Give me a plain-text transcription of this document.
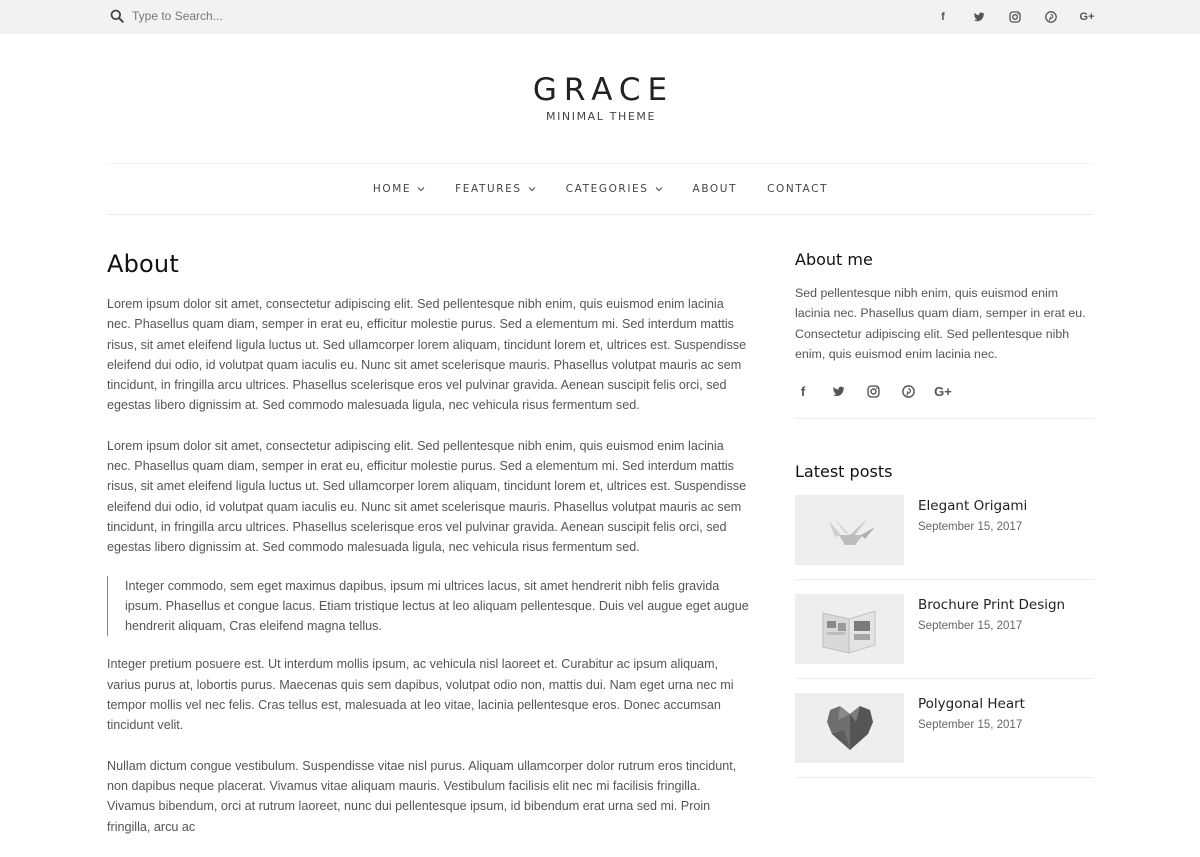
Type to Search...
f	G+
GRACE
MINIMAL THEME
HOME	FEATURES	CATEGORIES	ABOUT	CONTACT
About

Lorem ipsum dolor sit amet, consectetur adipiscing elit. Sed pellentesque nibh enim, quis euismod enim lacinia nec. Phasellus quam diam, semper in erat eu, efficitur molestie purus. Sed a elementum mi. Sed interdum mattis risus, sit amet eleifend ligula luctus ut. Sed ullamcorper lorem aliquam, tincidunt lorem et, ultrices est. Suspendisse eleifend dui odio, id volutpat quam iaculis eu. Nunc sit amet scelerisque mauris. Phasellus volutpat mauris ac sem tincidunt, in fringilla arcu ultrices. Phasellus scelerisque eros vel pulvinar gravida. Aenean suscipit felis orci, sed egestas libero dignissim at. Sed commodo malesuada ligula, nec vehicula risus fermentum sed.

Lorem ipsum dolor sit amet, consectetur adipiscing elit. Sed pellentesque nibh enim, quis euismod enim lacinia nec. Phasellus quam diam, semper in erat eu, efficitur molestie purus. Sed a elementum mi. Sed interdum mattis risus, sit amet eleifend ligula luctus ut. Sed ullamcorper lorem aliquam, tincidunt lorem et, ultrices est. Suspendisse eleifend dui odio, id volutpat quam iaculis eu. Nunc sit amet scelerisque mauris. Phasellus volutpat mauris ac sem tincidunt, in fringilla arcu ultrices. Phasellus scelerisque eros vel pulvinar gravida. Aenean suscipit felis orci, sed egestas libero dignissim at. Sed commodo malesuada ligula, nec vehicula risus fermentum sed.

Integer commodo, sem eget maximus dapibus, ipsum mi ultrices lacus, sit amet hendrerit nibh felis gravida ipsum. Phasellus et congue lacus. Etiam tristique lectus at leo aliquam pellentesque. Duis vel augue eget augue hendrerit aliquam, Cras eleifend magna tellus.

Integer pretium posuere est. Ut interdum mollis ipsum, ac vehicula nisl laoreet et. Curabitur ac ipsum aliquam, varius purus at, lobortis purus. Maecenas quis sem dapibus, volutpat odio non, mattis dui. Nam eget urna nec mi tempor mollis vel nec felis. Cras tellus est, malesuada at leo vitae, lacinia pellentesque eros. Donec accumsan tincidunt velit.

Nullam dictum congue vestibulum. Suspendisse vitae nisl purus. Aliquam ullamcorper dolor rutrum eros tincidunt, non dapibus neque placerat. Vivamus vitae aliquam mauris. Vestibulum facilisis elit nec mi facilisis fringilla. Vivamus bibendum, orci at rutrum laoreet, nunc dui pellentesque ipsum, id bibendum erat urna sed mi. Proin fringilla, arcu ac

About me

Sed pellentesque nibh enim, quis euismod enim lacinia nec. Phasellus quam diam, semper in erat eu. Consectetur adipiscing elit. Sed pellentesque nibh enim, quis euismod enim lacinia nec.

f	G+
Latest posts
Elegant Origami
September 15, 2017
Brochure Print Design
September 15, 2017
Polygonal Heart
September 15, 2017
